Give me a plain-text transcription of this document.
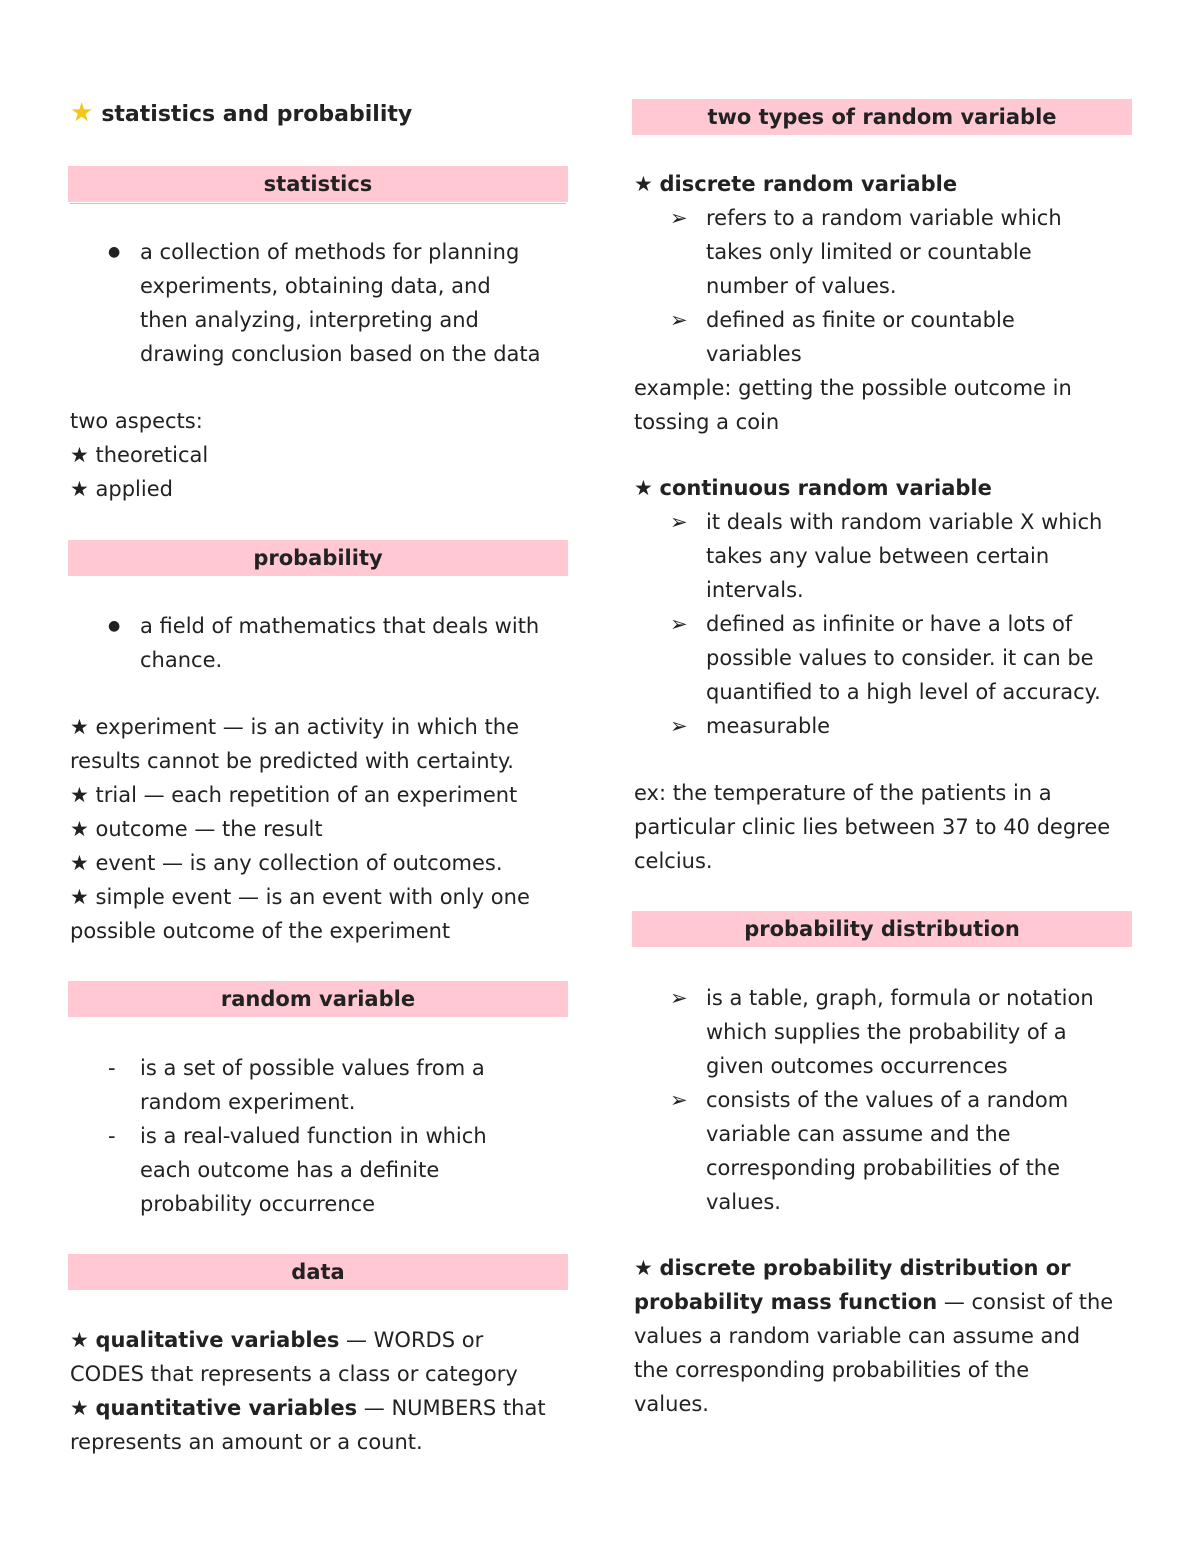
★ statistics and probability
statistics
● a collection of methods for planning
experiments, obtaining data, and
then analyzing, interpreting and
drawing conclusion based on the data
two aspects:
★ theoretical
★ applied
probability
● a field of mathematics that deals with
chance.
★ experiment — is an activity in which the
results cannot be predicted with certainty.
★ trial — each repetition of an experiment
★ outcome — the result
★ event — is any collection of outcomes.
★ simple event — is an event with only one
possible outcome of the experiment
random variable
- is a set of possible values from a
random experiment.
- is a real-valued function in which
each outcome has a definite
probability occurrence
data
★ qualitative variables — WORDS or
CODES that represents a class or category
★ quantitative variables — NUMBERS that
represents an amount or a count.
two types of random variable
★ discrete random variable
➢ refers to a random variable which
takes only limited or countable
number of values.
➢ defined as finite or countable
variables
example: getting the possible outcome in
tossing a coin
★ continuous random variable
➢ it deals with random variable X which
takes any value between certain
intervals.
➢ defined as infinite or have a lots of
possible values to consider. it can be
quantified to a high level of accuracy.
➢ measurable
ex: the temperature of the patients in a
particular clinic lies between 37 to 40 degree
celcius.
probability distribution
➢ is a table, graph, formula or notation
which supplies the probability of a
given outcomes occurrences
➢ consists of the values of a random
variable can assume and the
corresponding probabilities of the
values.
★ discrete probability distribution or
probability mass function — consist of the
values a random variable can assume and
the corresponding probabilities of the
values.
